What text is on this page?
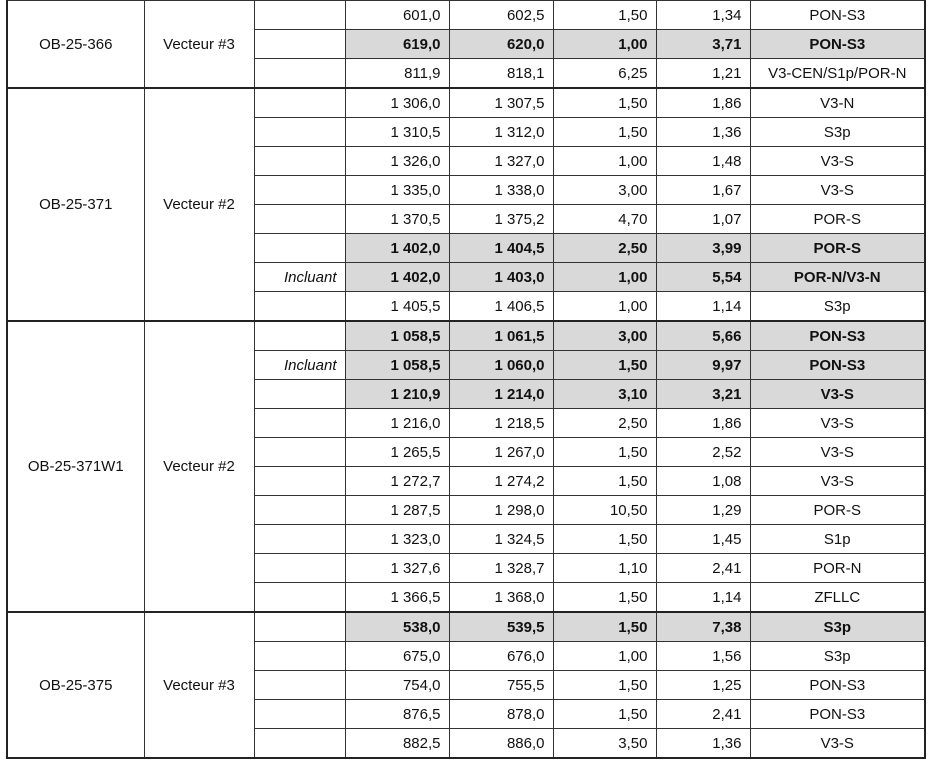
OB-25-366	Vecteur #3		601,0	602,5	1,50	1,34	PON-S3
			619,0	620,0	1,00	3,71	PON-S3
			811,9	818,1	6,25	1,21	V3-CEN/S1p/POR-N
OB-25-371	Vecteur #2		1 306,0	1 307,5	1,50	1,86	V3-N
			1 310,5	1 312,0	1,50	1,36	S3p
			1 326,0	1 327,0	1,00	1,48	V3-S
			1 335,0	1 338,0	3,00	1,67	V3-S
			1 370,5	1 375,2	4,70	1,07	POR-S
			1 402,0	1 404,5	2,50	3,99	POR-S
		Incluant	1 402,0	1 403,0	1,00	5,54	POR-N/V3-N
			1 405,5	1 406,5	1,00	1,14	S3p
OB-25-371W1	Vecteur #2		1 058,5	1 061,5	3,00	5,66	PON-S3
		Incluant	1 058,5	1 060,0	1,50	9,97	PON-S3
			1 210,9	1 214,0	3,10	3,21	V3-S
			1 216,0	1 218,5	2,50	1,86	V3-S
			1 265,5	1 267,0	1,50	2,52	V3-S
			1 272,7	1 274,2	1,50	1,08	V3-S
			1 287,5	1 298,0	10,50	1,29	POR-S
			1 323,0	1 324,5	1,50	1,45	S1p
			1 327,6	1 328,7	1,10	2,41	POR-N
			1 366,5	1 368,0	1,50	1,14	ZFLLC
OB-25-375	Vecteur #3		538,0	539,5	1,50	7,38	S3p
			675,0	676,0	1,00	1,56	S3p
			754,0	755,5	1,50	1,25	PON-S3
			876,5	878,0	1,50	2,41	PON-S3
			882,5	886,0	3,50	1,36	V3-S
